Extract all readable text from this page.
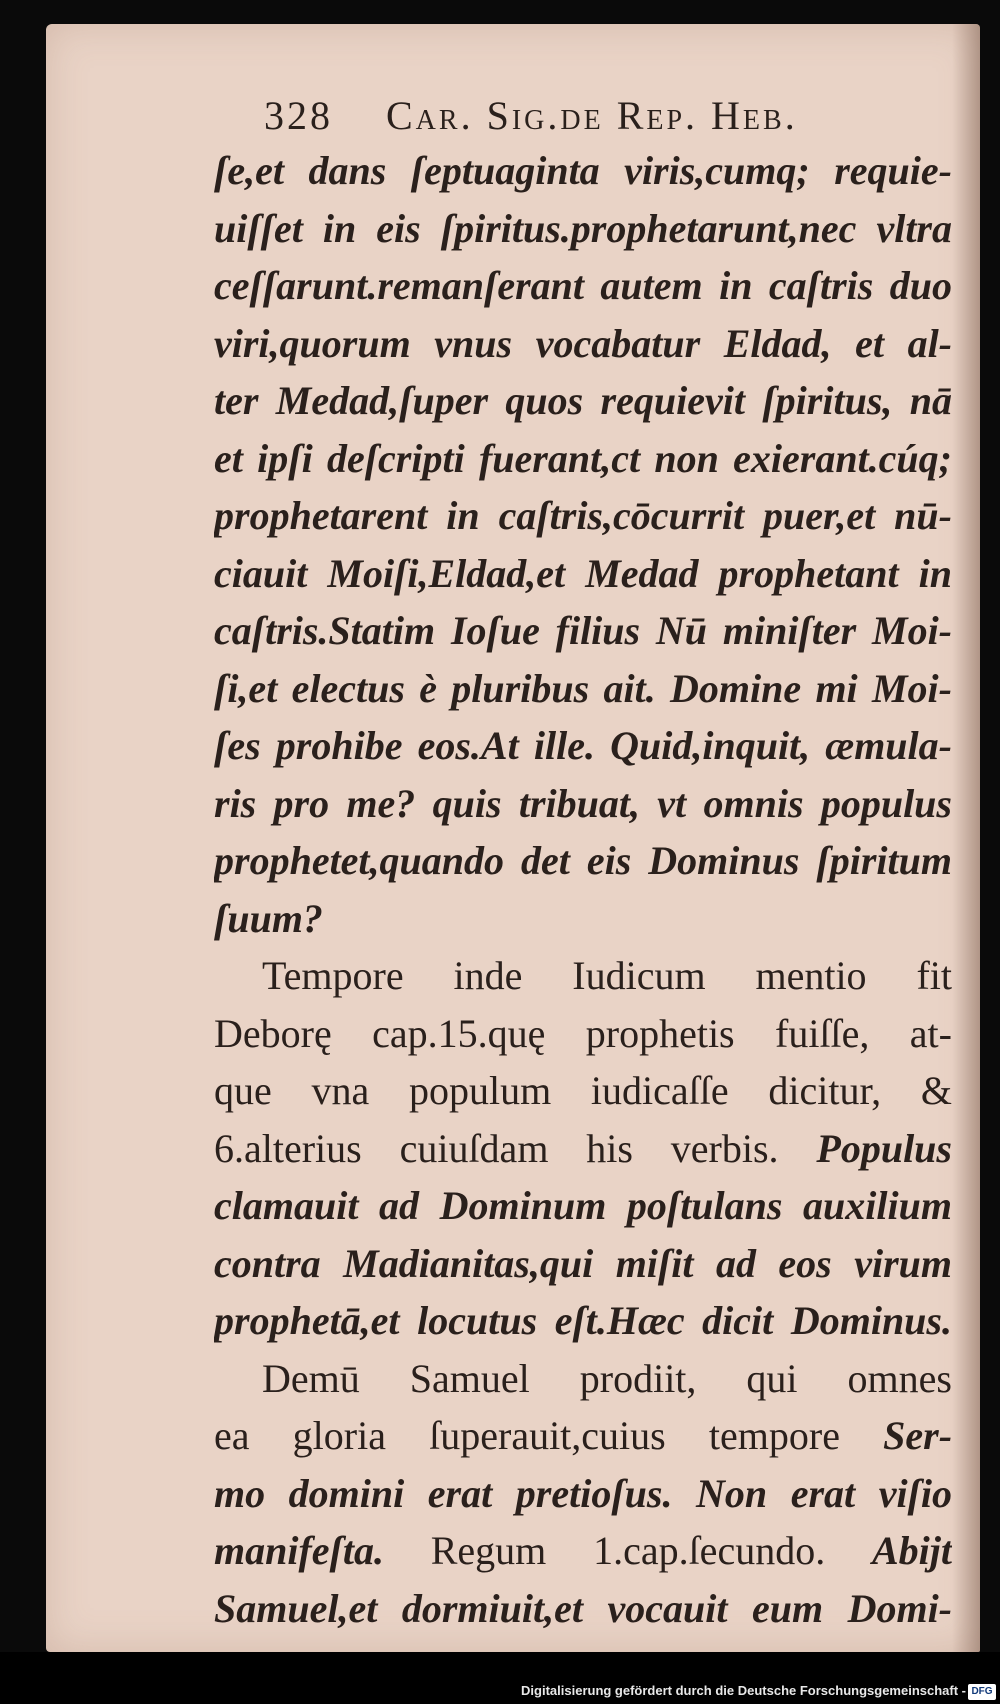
328 Car. Sig.de Rep. Heb.
ſe,et dans ſeptuaginta viris,cumq; requie-
uiſſet in eis ſpiritus.prophetarunt,nec vltra
ceſſarunt.remanſerant autem in caſtris duo
viri,quorum vnus vocabatur Eldad, et al-
ter Medad,ſuper quos requievit ſpiritus, nā
et ipſi deſcripti fuerant,ct non exierant.cúq;
prophetarent in caſtris,cōcurrit puer,et nū-
ciauit Moiſi,Eldad,et Medad prophetant in
caſtris.Statim Ioſue filius Nū miniſter Moi-
ſi,et electus è pluribus ait. Domine mi Moi-
ſes prohibe eos.At ille. Quid,inquit, æmula-
ris pro me? quis tribuat, vt omnis populus
prophetet,quando det eis Dominus ſpiritum
ſuum?
Tempore inde Iudicum mentio fit
Deborę cap.15.quę prophetis fuiſſe, at-
que vna populum iudicaſſe dicitur, &
6.alterius cuiuſdam his verbis. Populus
clamauit ad Dominum poſtulans auxilium
contra Madianitas,qui miſit ad eos virum
prophetā,et locutus eſt.Hæc dicit Dominus.
Demū Samuel prodiit, qui omnes
ea gloria ſuperauit,cuius tempore Ser-
mo domini erat pretioſus. Non erat viſio
manifeſta. Regum 1.cap.ſecundo. Abijt
Samuel,et dormiuit,et vocauit eum Domi-
Digitalisierung gefördert durch die Deutsche Forschungsgemeinschaft - DFG
